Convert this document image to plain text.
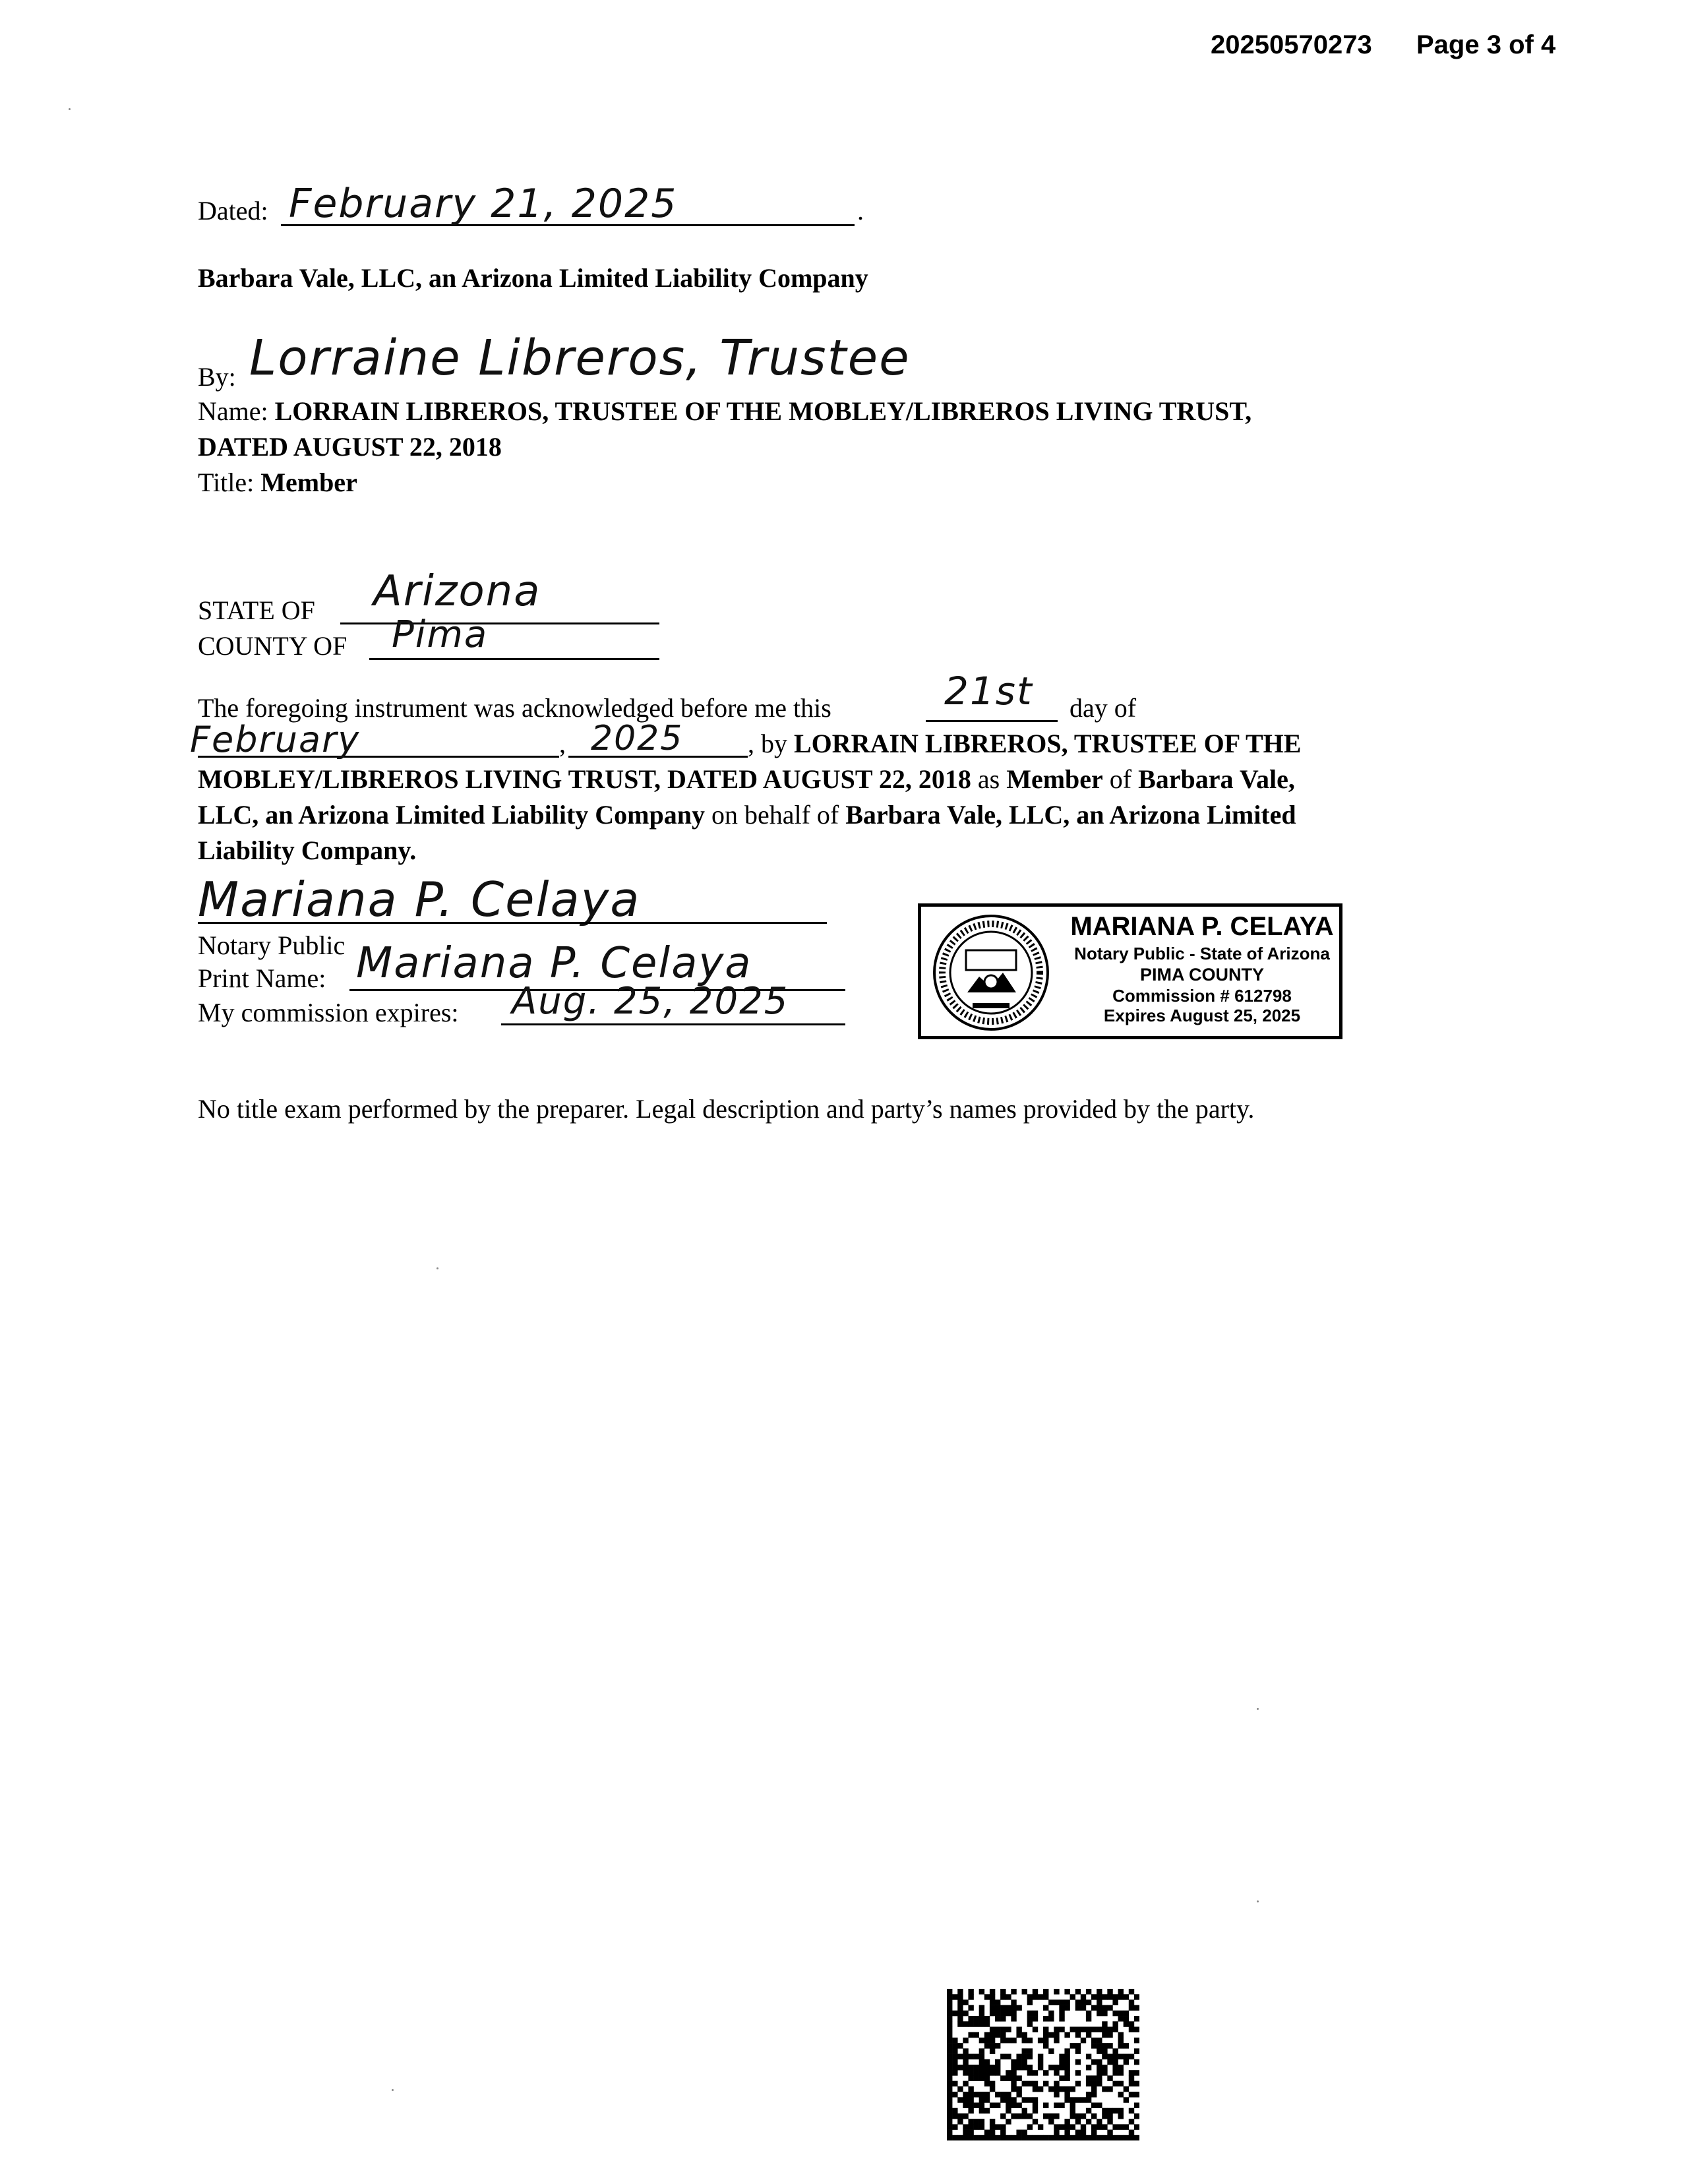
20250570273 Page 3 of 4
Dated: February 21, 2025	.
Barbara Vale, LLC, an Arizona Limited Liability Company
By: Lorraine Libreros, Trustee
Name: LORRAIN LIBREROS, TRUSTEE OF THE MOBLEY/LIBREROS LIVING TRUST,
DATED AUGUST 22, 2018
Title: Member
STATE OF Arizona
COUNTY OF Pima
The foregoing instrument was acknowledged before me this	21st day of
February	, 2025 , by LORRAIN LIBREROS, TRUSTEE OF THE
MOBLEY/LIBREROS LIVING TRUST, DATED AUGUST 22, 2018 as Member of Barbara Vale,
LLC, an Arizona Limited Liability Company on behalf of Barbara Vale, LLC, an Arizona Limited
Liability Company.
Mariana P. Celaya
Notary Public
Print Name: Mariana P. Celaya
My commission expires: Aug. 25, 2025
MARIANA P. CELAYA
Notary Public - State of Arizona
PIMA COUNTY
Commission # 612798
Expires August 25, 2025
No title exam performed by the preparer. Legal description and party’s names provided by the party.
